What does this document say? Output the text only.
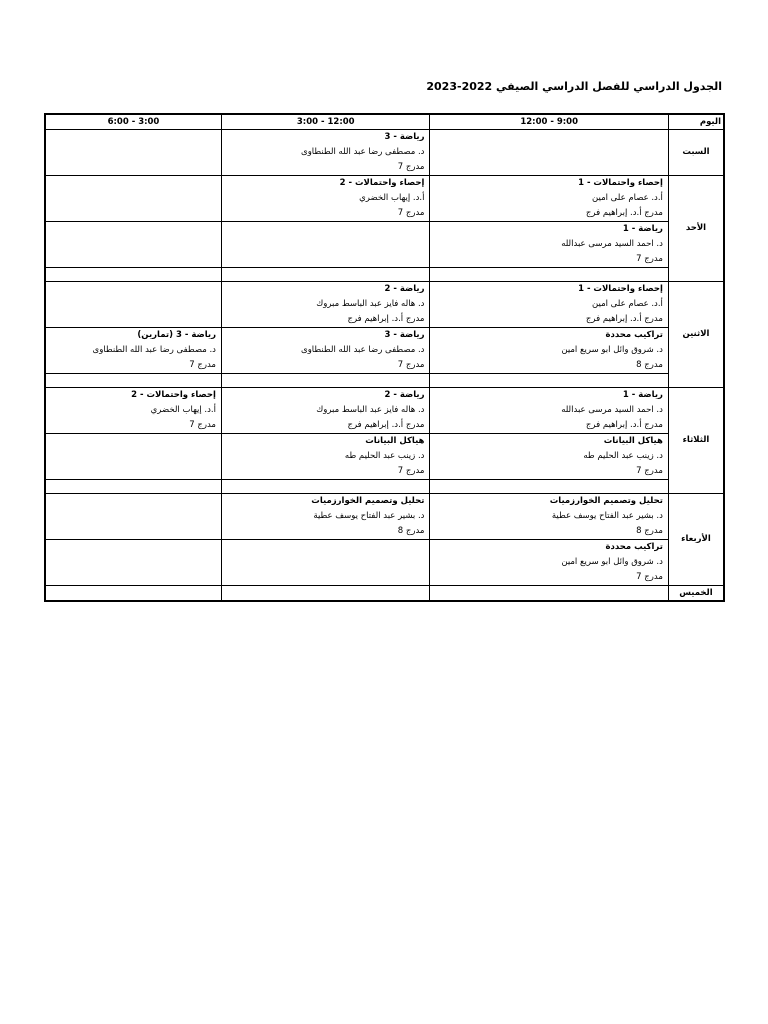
الجدول الدراسي للفصل الدراسي الصيفي 2022-2023
اليوم	9:00 - 12:00	12:00 - 3:00	3:00 - 6:00
السبت		رياضة - 3
د. مصطفى رضا عبد الله الطنطاوى
مدرج 7	

الأحد	إحصاء واحتمالات - 1
أ.د. عصام على امين
مدرج أ.د. إبراهيم فرج	إحصاء واحتمالات - 2
أ.د. إيهاب الخضري
مدرج 7	

	رياضة - 1
د. احمد السيد مرسى عبدالله
مدرج 7		

الاثنين	إحصاء واحتمالات - 1
أ.د. عصام على امين
مدرج أ.د. إبراهيم فرج	رياضة - 2
د. هاله فايز عبد الباسط مبروك
مدرج أ.د. إبراهيم فرج	

	تراكيب محددة
د. شروق وائل ابو سريع امين
مدرج 8	رياضة - 3
د. مصطفى رضا عبد الله الطنطاوى
مدرج 7	رياضة - 3 (تمارين)
د. مصطفى رضا عبد الله الطنطاوى
مدرج 7

الثلاثاء	رياضة - 1
د. احمد السيد مرسى عبدالله
مدرج أ.د. إبراهيم فرج	رياضة - 2
د. هاله فايز عبد الباسط مبروك
مدرج أ.د. إبراهيم فرج	إحصاء واحتمالات - 2
أ.د. إيهاب الخضري
مدرج 7

	هياكل البيانات
د. زينب عبد الحليم طه
مدرج 7	هياكل البيانات
د. زينب عبد الحليم طه
مدرج 7	

الأربعاء	تحليل وتصميم الخوارزميات
د. بشير عبد الفتاح يوسف عطية
مدرج 8	تحليل وتصميم الخوارزميات
د. بشير عبد الفتاح يوسف عطية
مدرج 8	

	تراكيب محددة
د. شروق وائل ابو سريع امين
مدرج 7		

الخميس			
